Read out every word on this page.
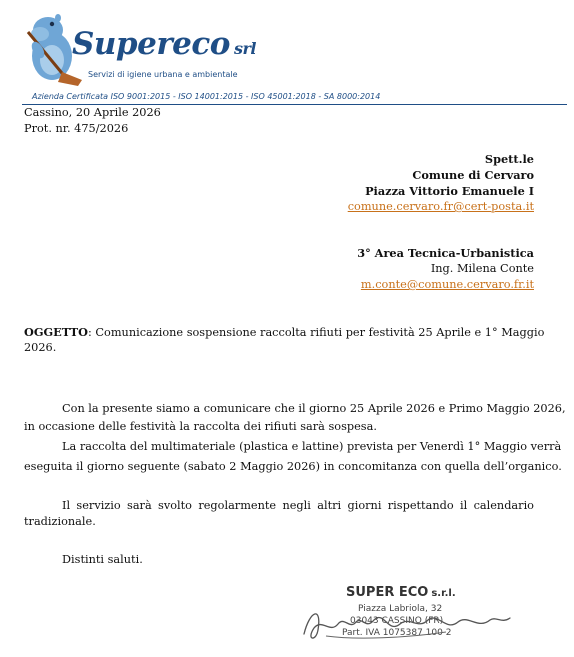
Supereco srl
Servizi di igiene urbana e ambientale
Azienda Certificata ISO 9001:2015 - ISO 14001:2015 - ISO 45001:2018 - SA 8000:2014
Cassino, 20 Aprile 2026
Prot. nr. 475/2026
Spett.le
Comune di Cervaro
Piazza Vittorio Emanuele I
comune.cervaro.fr@cert-posta.it
3° Area Tecnica-Urbanistica
Ing. Milena Conte
m.conte@comune.cervaro.fr.it
OGGETTO: Comunicazione sospensione raccolta rifiuti per festività 25 Aprile e 1° Maggio
2026.
Con la presente siamo a comunicare che il giorno 25 Aprile 2026 e Primo Maggio 2026,
in occasione delle festività la raccolta dei rifiuti sarà sospesa.
La raccolta del multimateriale (plastica e lattine) prevista per Venerdì 1° Maggio verrà
eseguita il giorno seguente (sabato 2 Maggio 2026) in concomitanza con quella dell’organico.
Il servizio sarà svolto regolarmente negli altri giorni rispettando il calendario
tradizionale.
Distinti saluti.
SUPER ECO s.r.l.
Piazza Labriola, 32
03043 CASSINO (FR)
Part. IVA 1075387 100 2
